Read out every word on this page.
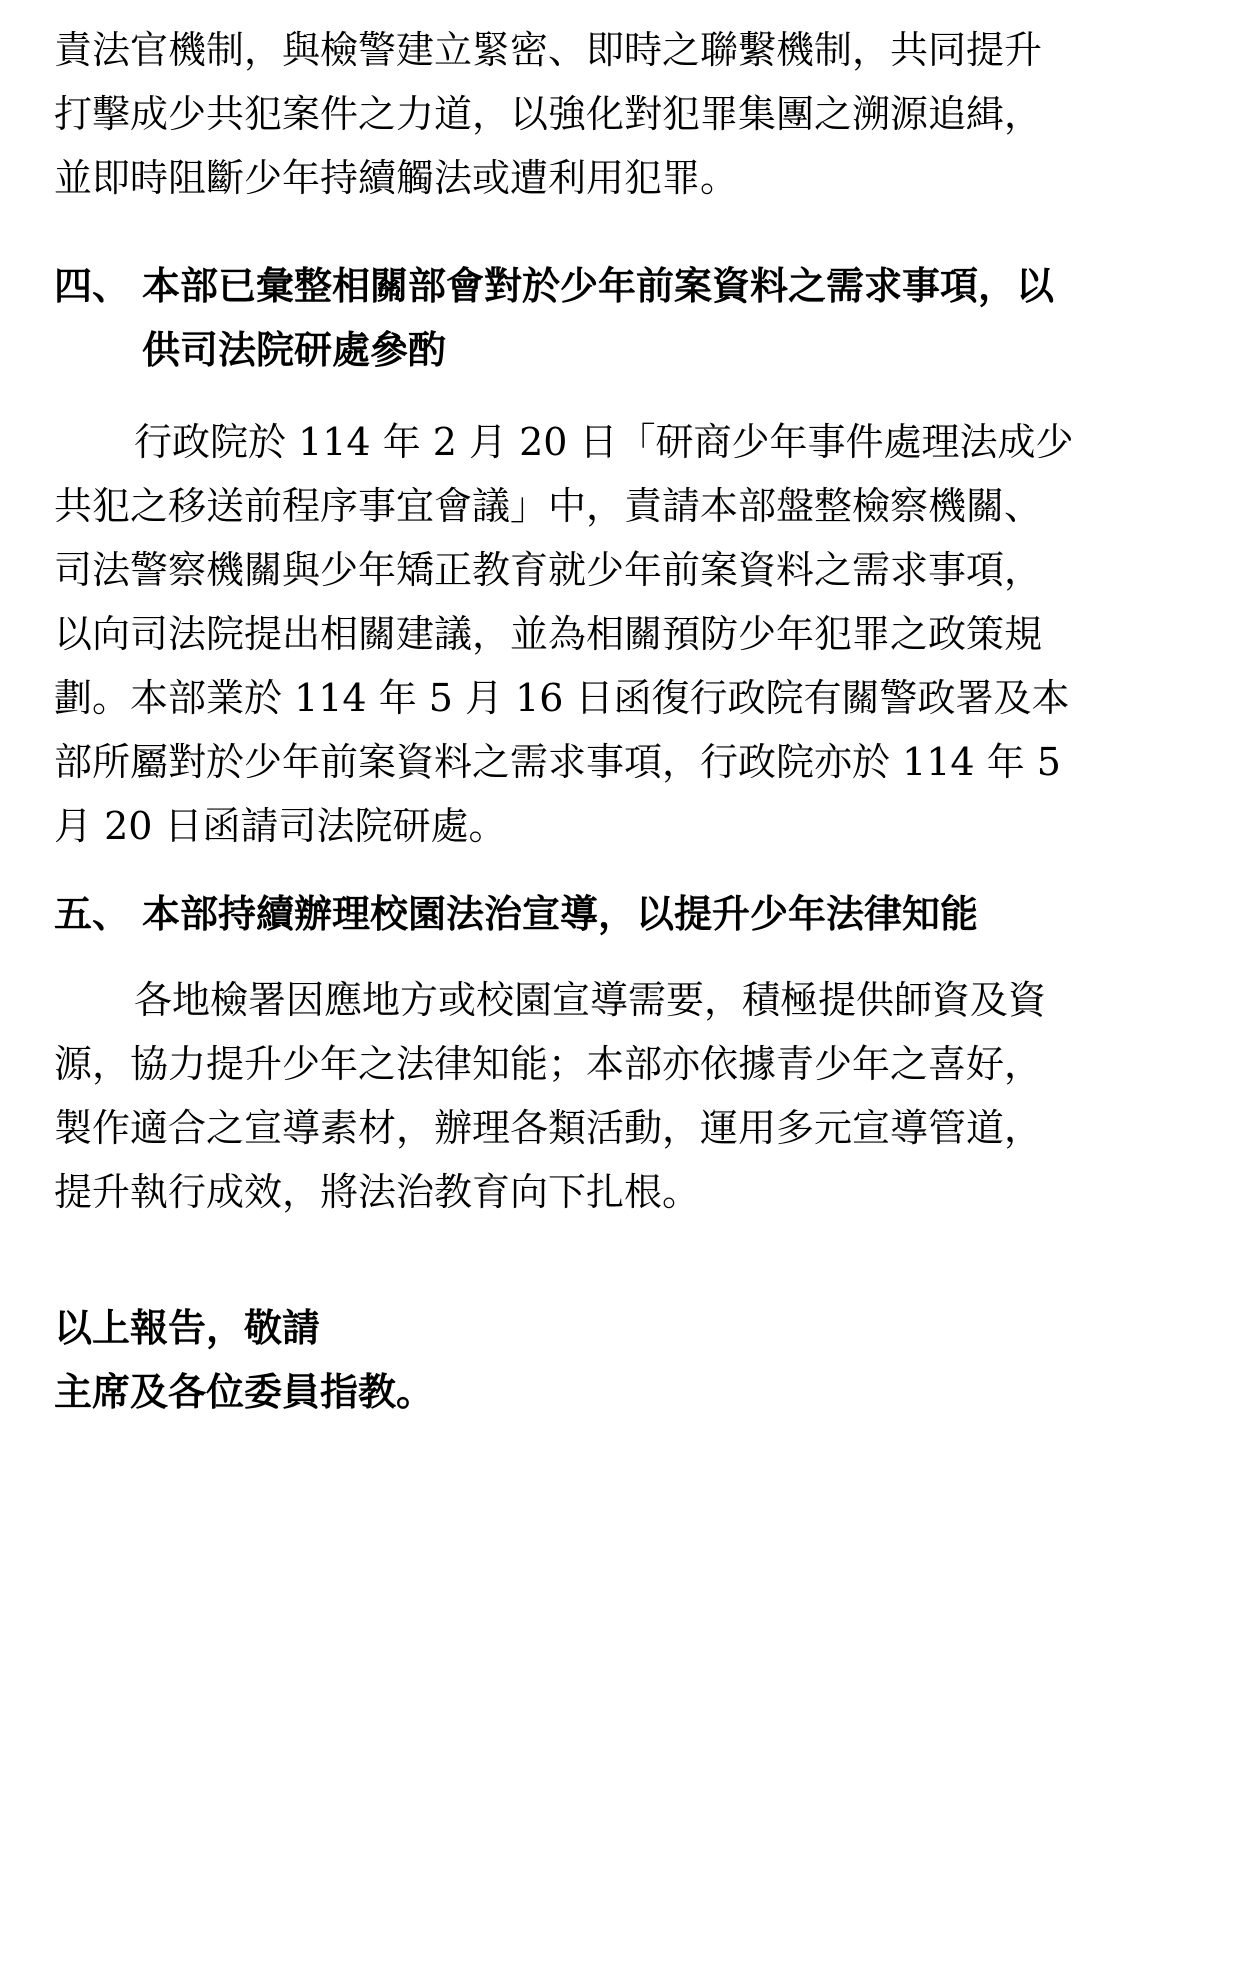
責法官機制，與檢警建立緊密、即時之聯繫機制，共同提升

打擊成少共犯案件之力道，以強化對犯罪集團之溯源追緝，

並即時阻斷少年持續觸法或遭利用犯罪。

四、 本部已彙整相關部會對於少年前案資料之需求事項，以

供司法院研處參酌

行政院於 114 年 2 月 20 日「研商少年事件處理法成少

共犯之移送前程序事宜會議」中，責請本部盤整檢察機關、

司法警察機關與少年矯正教育就少年前案資料之需求事項，

以向司法院提出相關建議，並為相關預防少年犯罪之政策規

劃。本部業於 114 年 5 月 16 日函復行政院有關警政署及本

部所屬對於少年前案資料之需求事項，行政院亦於 114 年 5

月 20 日函請司法院研處。

五、 本部持續辦理校園法治宣導，以提升少年法律知能

各地檢署因應地方或校園宣導需要，積極提供師資及資

源，協力提升少年之法律知能；本部亦依據青少年之喜好，

製作適合之宣導素材，辦理各類活動，運用多元宣導管道，

提升執行成效，將法治教育向下扎根。

以上報告，敬請

主席及各位委員指教。
